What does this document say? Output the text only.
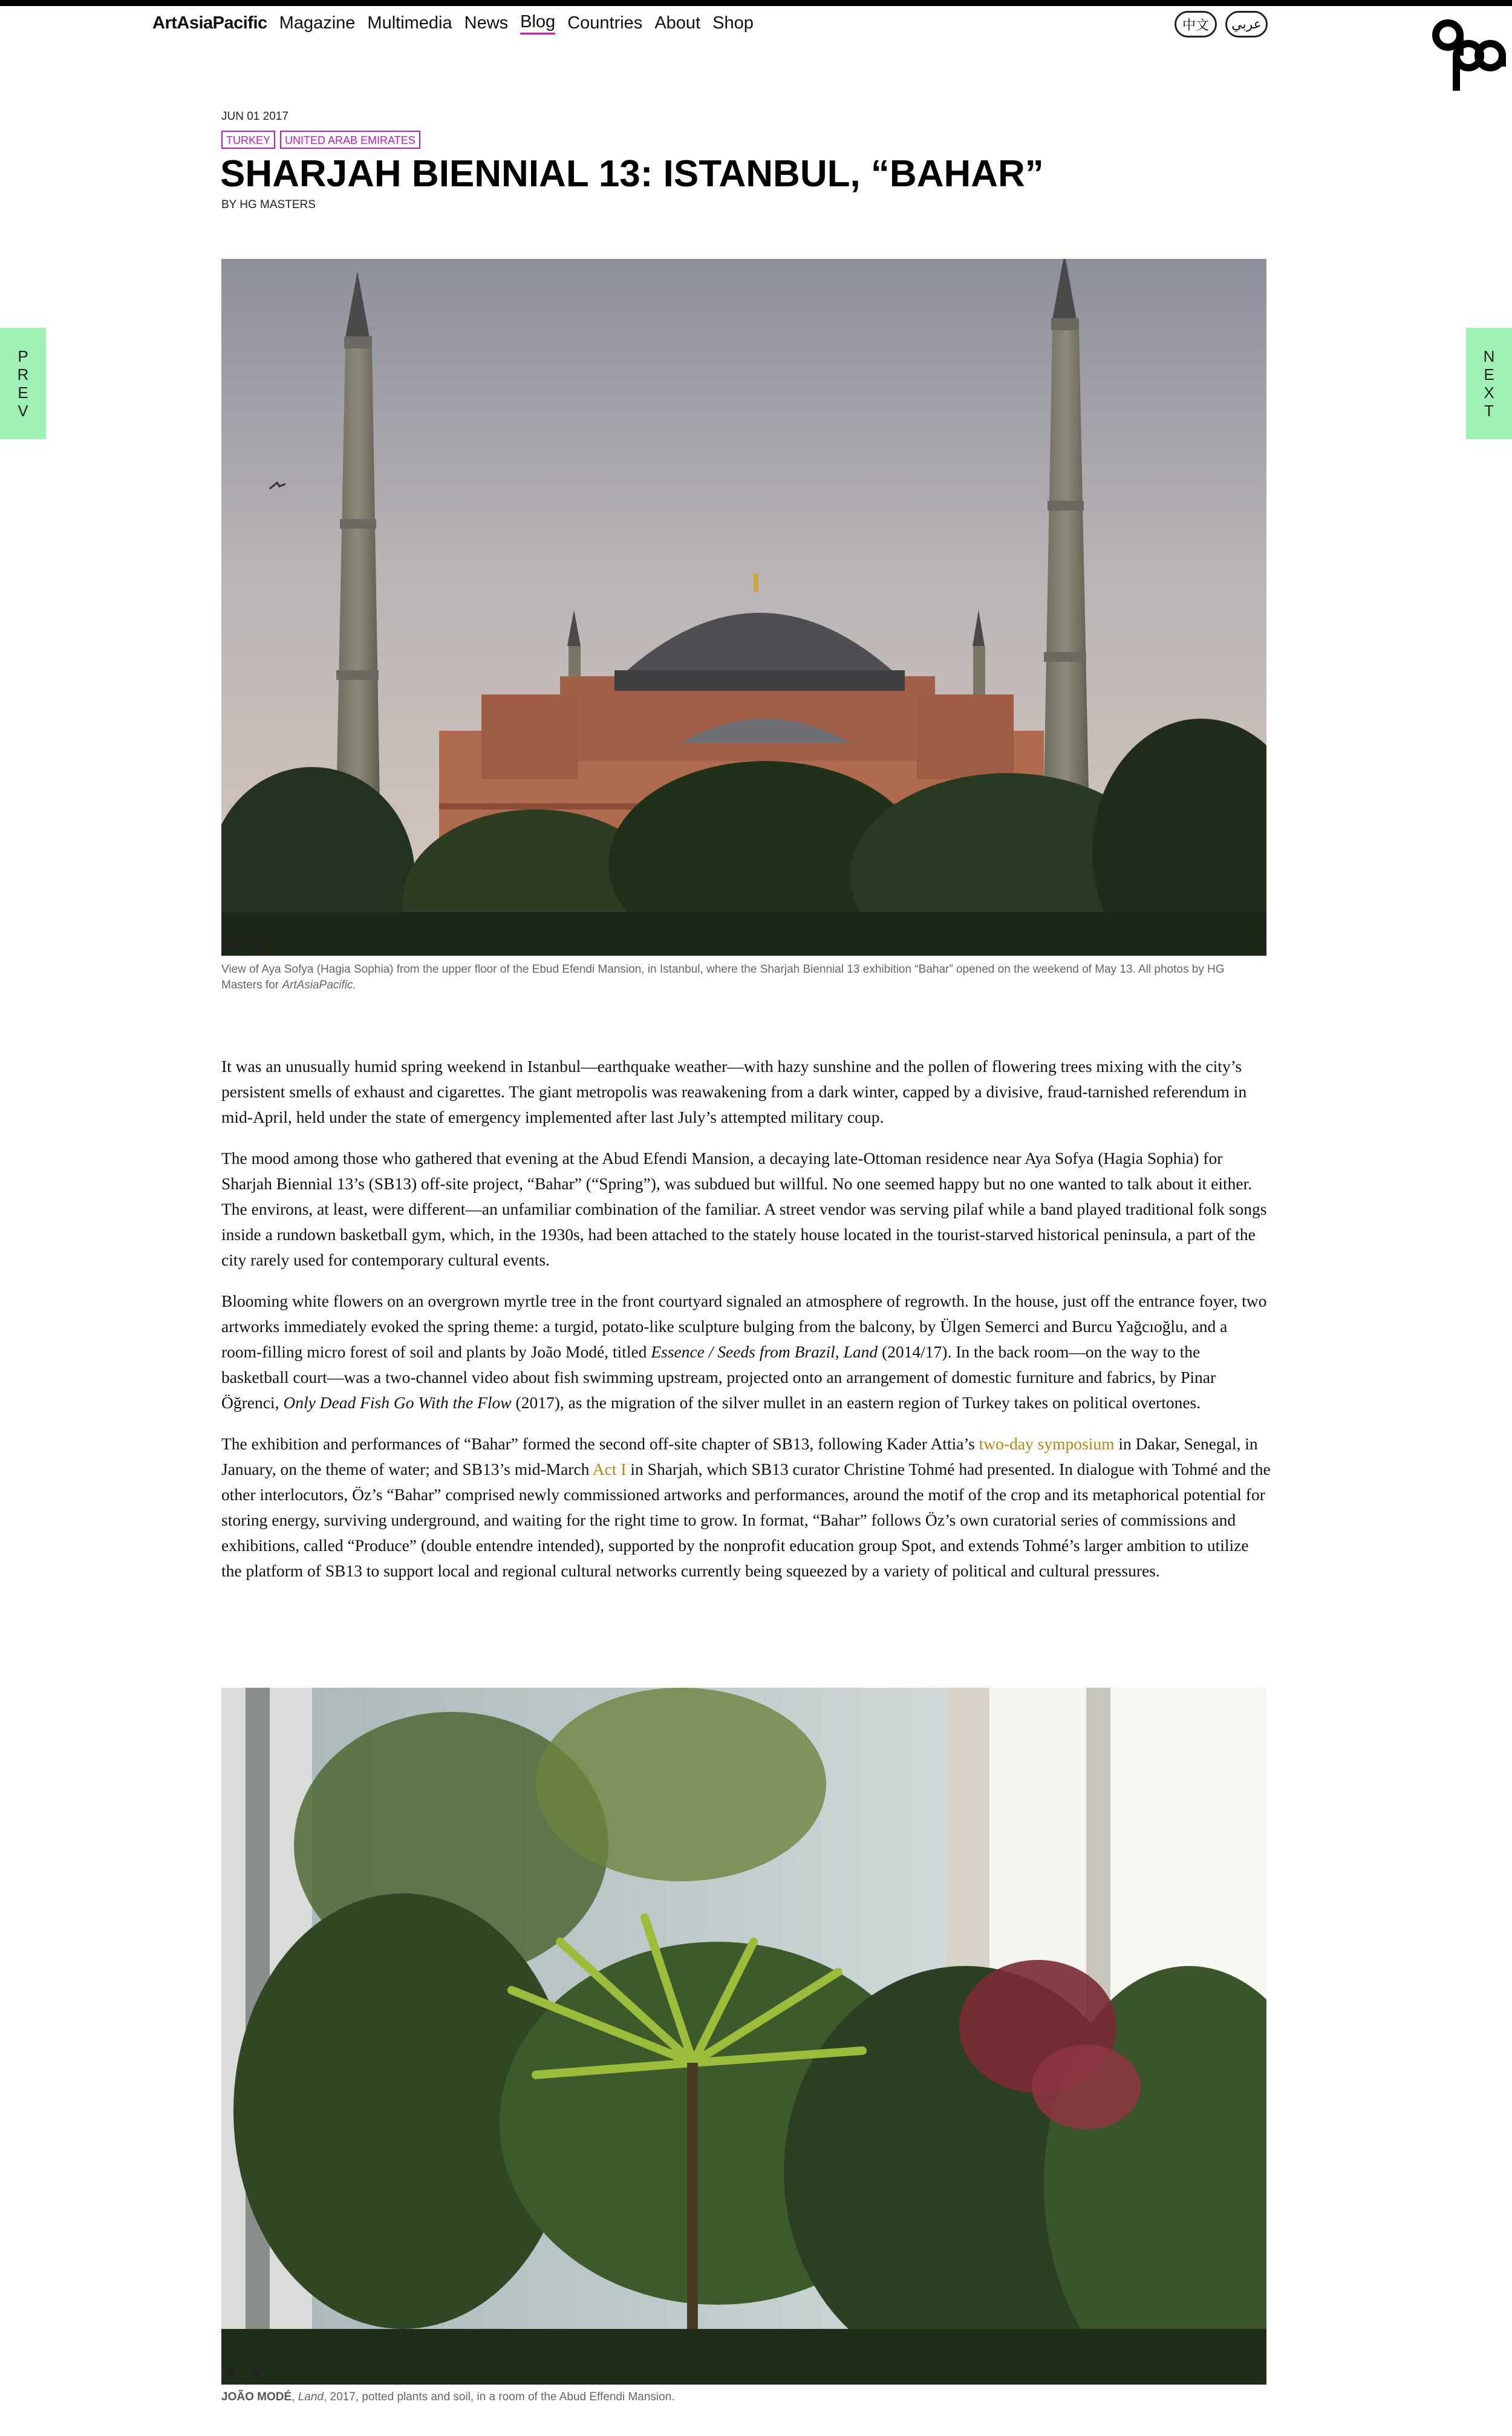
ArtAsiaPacific Magazine Multimedia News Blog Countries About Shop	中文	عربي
P
R
E
V
N
E
X
T
JUN 01 2017
TURKEY	UNITED ARAB EMIRATES
SHARJAH BIENNIAL 13: ISTANBUL, “BAHAR”
BY HG MASTERS
View of Aya Sofya (Hagia Sophia) from the upper floor of the Ebud Efendi Mansion, in Istanbul, where the Sharjah Biennial 13 exhibition “Bahar” opened on the weekend of May 13. All photos by HG Masters for ArtAsiaPacific.

It was an unusually humid spring weekend in Istanbul—earthquake weather—with hazy sunshine and the pollen of flowering trees mixing with the city’s persistent smells of exhaust and cigarettes. The giant metropolis was reawakening from a dark winter, capped by a divisive, fraud-tarnished referendum in mid-April, held under the state of emergency implemented after last July’s attempted military coup.

The mood among those who gathered that evening at the Abud Efendi Mansion, a decaying late-Ottoman residence near Aya Sofya (Hagia Sophia) for Sharjah Biennial 13’s (SB13) off-site project, “Bahar” (“Spring”), was subdued but willful. No one seemed happy but no one wanted to talk about it either. The environs, at least, were different—an unfamiliar combination of the familiar. A street vendor was serving pilaf while a band played traditional folk songs inside a rundown basketball gym, which, in the 1930s, had been attached to the stately house located in the tourist-starved historical peninsula, a part of the city rarely used for contemporary cultural events.

Blooming white flowers on an overgrown myrtle tree in the front courtyard signaled an atmosphere of regrowth. In the house, just off the entrance foyer, two artworks immediately evoked the spring theme: a turgid, potato-like sculpture bulging from the balcony, by Ülgen Semerci and Burcu Yağcıoğlu, and a room-filling micro forest of soil and plants by João Modé, titled Essence / Seeds from Brazil, Land (2014/17). In the back room—on the way to the basketball court—was a two-channel video about fish swimming upstream, projected onto an arrangement of domestic furniture and fabrics, by Pinar Öğrenci, Only Dead Fish Go With the Flow (2017), as the migration of the silver mullet in an eastern region of Turkey takes on political overtones.

The exhibition and performances of “Bahar” formed the second off-site chapter of SB13, following Kader Attia’s two-day symposium in Dakar, Senegal, in January, on the theme of water; and SB13’s mid-March Act I in Sharjah, which SB13 curator Christine Tohmé had presented. In dialogue with Tohmé and the other interlocutors, Öz’s “Bahar” comprised newly commissioned artworks and performances, around the motif of the crop and its metaphorical potential for storing energy, surviving underground, and waiting for the right time to grow. In format, “Bahar” follows Öz’s own curatorial series of commissions and exhibitions, called “Produce” (double entendre intended), supported by the nonprofit education group Spot, and extends Tohmé’s larger ambition to utilize the platform of SB13 to support local and regional cultural networks currently being squeezed by a variety of political and cultural pressures.

JOÃO MODÉ, Land, 2017, potted plants and soil, in a room of the Abud Effendi Mansion.
